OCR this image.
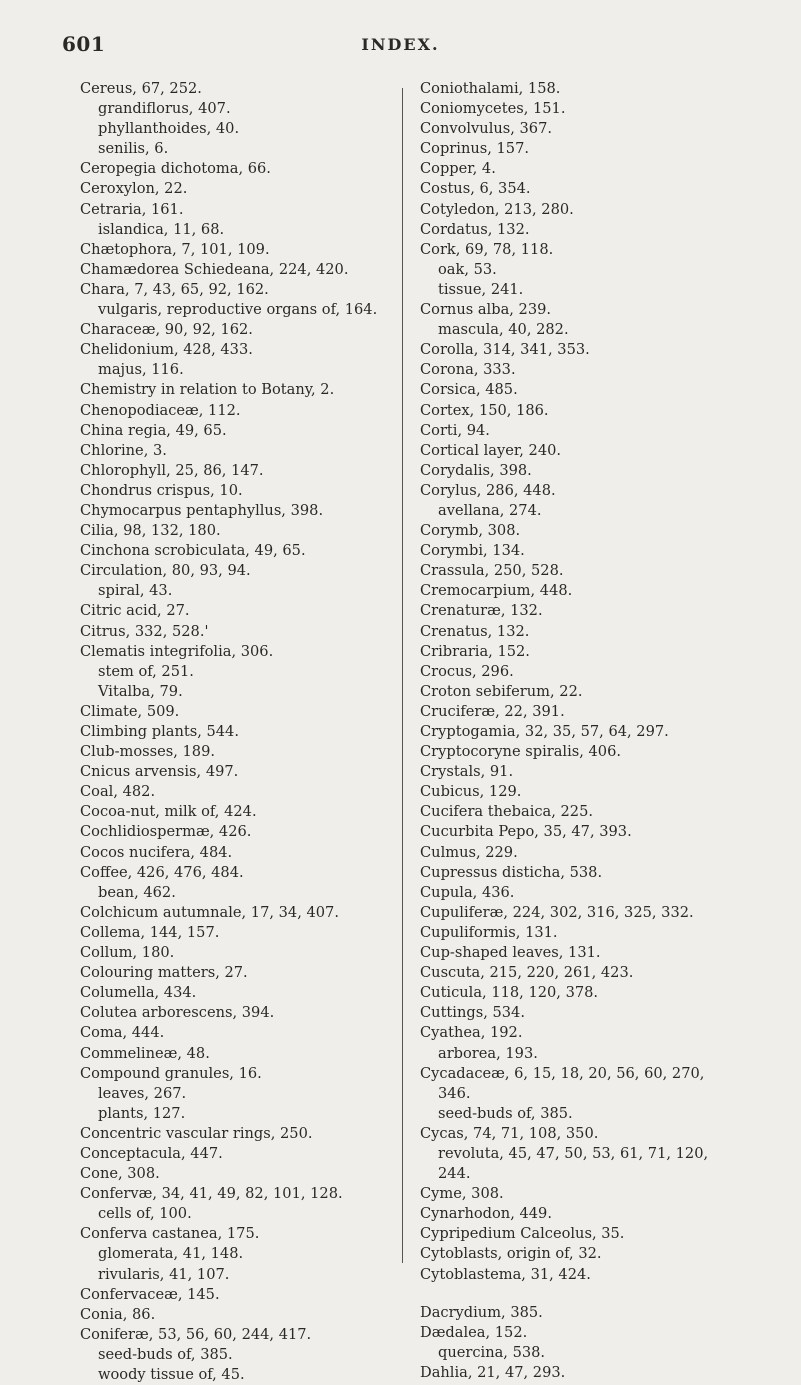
601	INDEX.
Cereus, 67, 252.
grandiflorus, 407.
phyllanthoides, 40.
senilis, 6.
Ceropegia dichotoma, 66.
Ceroxylon, 22.
Cetraria, 161.
islandica, 11, 68.
Chætophora, 7, 101, 109.
Chamædorea Schiedeana, 224, 420.
Chara, 7, 43, 65, 92, 162.
vulgaris, reproductive organs of, 164.
Characeæ, 90, 92, 162.
Chelidonium, 428, 433.
majus, 116.
Chemistry in relation to Botany, 2.
Chenopodiaceæ, 112.
China regia, 49, 65.
Chlorine, 3.
Chlorophyll, 25, 86, 147.
Chondrus crispus, 10.
Chymocarpus pentaphyllus, 398.
Cilia, 98, 132, 180.
Cinchona scrobiculata, 49, 65.
Circulation, 80, 93, 94.
spiral, 43.
Citric acid, 27.
Citrus, 332, 528.'
Clematis integrifolia, 306.
stem of, 251.
Vitalba, 79.
Climate, 509.
Climbing plants, 544.
Club-mosses, 189.
Cnicus arvensis, 497.
Coal, 482.
Cocoa-nut, milk of, 424.
Cochlidiospermæ, 426.
Cocos nucifera, 484.
Coffee, 426, 476, 484.
bean, 462.
Colchicum autumnale, 17, 34, 407.
Collema, 144, 157.
Collum, 180.
Colouring matters, 27.
Columella, 434.
Colutea arborescens, 394.
Coma, 444.
Commelineæ, 48.
Compound granules, 16.
leaves, 267.
plants, 127.
Concentric vascular rings, 250.
Conceptacula, 447.
Cone, 308.
Confervæ, 34, 41, 49, 82, 101, 128.
cells of, 100.
Conferva castanea, 175.
glomerata, 41, 148.
rivularis, 41, 107.
Confervaceæ, 145.
Conia, 86.
Coniferæ, 53, 56, 60, 244, 417.
seed-buds of, 385.
woody tissue of, 45.
Coniothalami, 158.
Coniomycetes, 151.
Convolvulus, 367.
Coprinus, 157.
Copper, 4.
Costus, 6, 354.
Cotyledon, 213, 280.
Cordatus, 132.
Cork, 69, 78, 118.
oak, 53.
tissue, 241.
Cornus alba, 239.
mascula, 40, 282.
Corolla, 314, 341, 353.
Corona, 333.
Corsica, 485.
Cortex, 150, 186.
Corti, 94.
Cortical layer, 240.
Corydalis, 398.
Corylus, 286, 448.
avellana, 274.
Corymb, 308.
Corymbi, 134.
Crassula, 250, 528.
Cremocarpium, 448.
Crenaturæ, 132.
Crenatus, 132.
Cribraria, 152.
Crocus, 296.
Croton sebiferum, 22.
Cruciferæ, 22, 391.
Cryptogamia, 32, 35, 57, 64, 297.
Cryptocoryne spiralis, 406.
Crystals, 91.
Cubicus, 129.
Cucifera thebaica, 225.
Cucurbita Pepo, 35, 47, 393.
Culmus, 229.
Cupressus disticha, 538.
Cupula, 436.
Cupuliferæ, 224, 302, 316, 325, 332.
Cupuliformis, 131.
Cup-shaped leaves, 131.
Cuscuta, 215, 220, 261, 423.
Cuticula, 118, 120, 378.
Cuttings, 534.
Cyathea, 192.
arborea, 193.
Cycadaceæ, 6, 15, 18, 20, 56, 60, 270,
346.
seed-buds of, 385.
Cycas, 74, 71, 108, 350.
revoluta, 45, 47, 50, 53, 61, 71, 120,
244.
Cyme, 308.
Cynarhodon, 449.
Cypripedium Calceolus, 35.
Cytoblasts, origin of, 32.
Cytoblastema, 31, 424.
Dacrydium, 385.
Dædalea, 152.
quercina, 538.
Dahlia, 21, 47, 293.
